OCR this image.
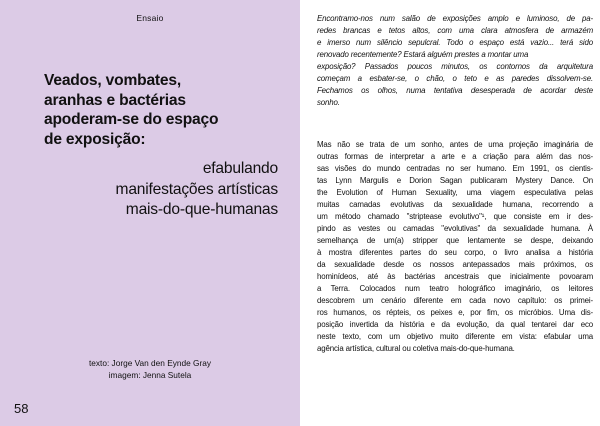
Ensaio
Veados, vombates,
aranhas e bactérias
apoderam-se do espaço
de exposição:
efabulando
manifestações artísticas
mais-do-que-humanas
texto: Jorge Van den Eynde Gray
imagem: Jenna Sutela
58
Encontramo-nos num salão de exposições amplo e luminoso, de pa-
redes brancas e tetos altos, com uma clara atmosfera de armazém
e imerso num silêncio sepulcral. Todo o espaço está vazio... terá sido
renovado recentemente? Estará alguém prestes a montar uma
exposição? Passados poucos minutos, os contornos da arquitetura
começam a esbater-se, o chão, o teto e as paredes dissolvem-se.
Fechamos os olhos, numa tentativa desesperada de acordar deste
sonho.
Mas não se trata de um sonho, antes de uma projeção imaginária de
outras formas de interpretar a arte e a criação para além das nos-
sas visões do mundo centradas no ser humano. Em 1991, os cientis-
tas Lynn Margulis e Dorion Sagan publicaram Mystery Dance. On
the Evolution of Human Sexuality, uma viagem especulativa pelas
muitas camadas evolutivas da sexualidade humana, recorrendo a
um método chamado "striptease evolutivo"¹, que consiste em ir des-
pindo as vestes ou camadas "evolutivas" da sexualidade humana. À
semelhança de um(a) stripper que lentamente se despe, deixando
à mostra diferentes partes do seu corpo, o livro analisa a história
da sexualidade desde os nossos antepassados mais próximos, os
hominídeos, até às bactérias ancestrais que inicialmente povoaram
a Terra. Colocados num teatro holográfico imaginário, os leitores
descobrem um cenário diferente em cada novo capítulo: os primei-
ros humanos, os répteis, os peixes e, por fim, os micróbios. Uma dis-
posição invertida da história e da evolução, da qual tentarei dar eco
neste texto, com um objetivo muito diferente em vista: efabular uma
agência artística, cultural ou coletiva mais-do-que-humana.
